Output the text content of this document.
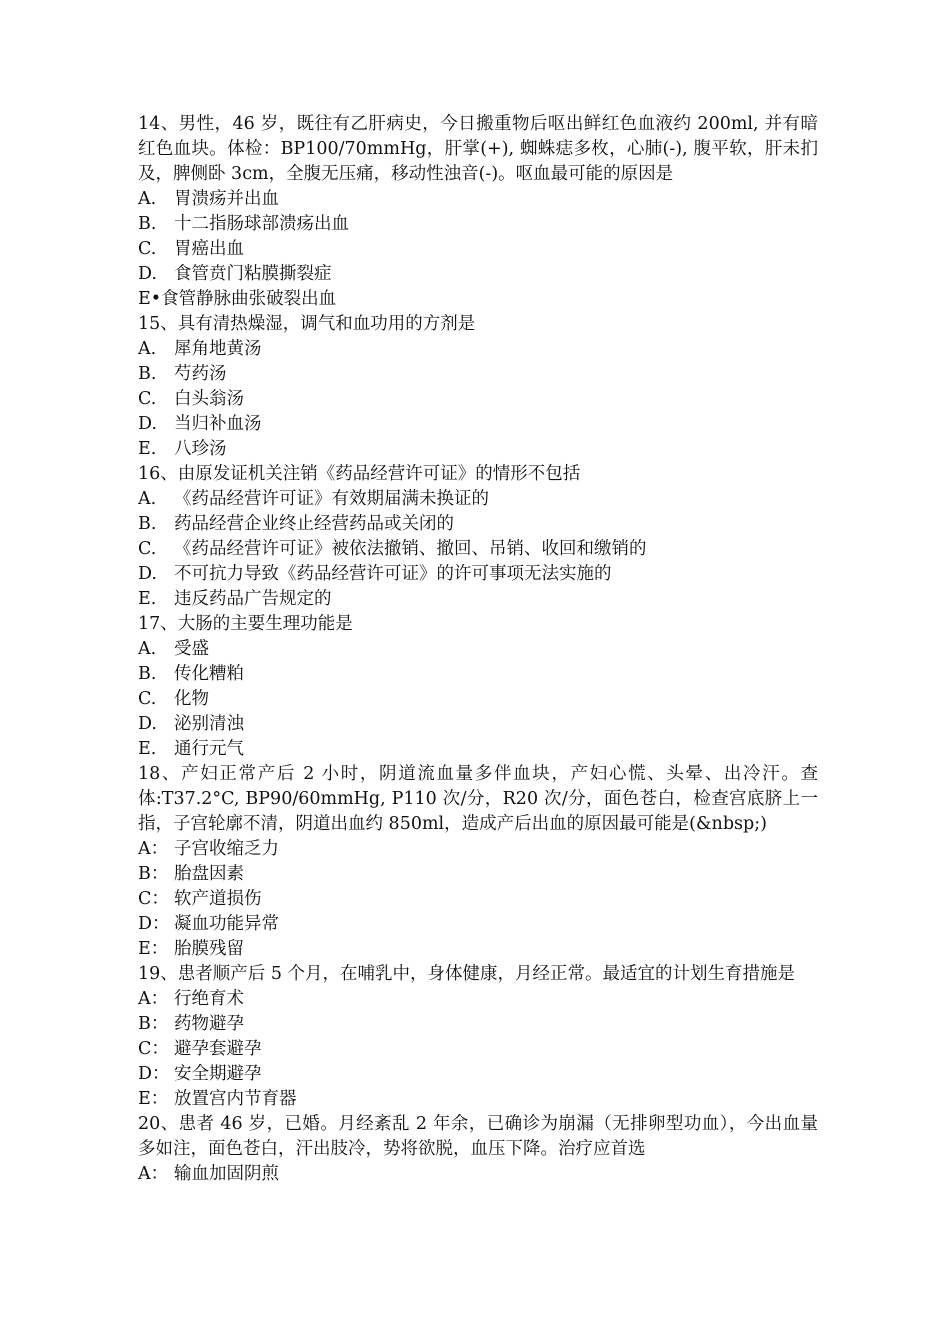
14、男性，46 岁，既往有乙肝病史，今日搬重物后呕出鲜红色血液约 200ml, 并有暗红色血块。体检：BP100/70mmHg，肝掌(+), 蜘蛛痣多枚，心肺(-), 腹平软，肝未扪及，脾侧卧 3cm，全腹无压痛，移动性浊音(-)。呕血最可能的原因是
A. 胃溃疡并出血
B. 十二指肠球部溃疡出血
C. 胃癌出血
D. 食管贲门粘膜撕裂症
E•食管静脉曲张破裂出血
15、具有清热燥湿，调气和血功用的方剂是
A. 犀角地黄汤
B. 芍药汤
C. 白头翁汤
D. 当归补血汤
E. 八珍汤
16、由原发证机关注销《药品经营许可证》的情形不包括
A. 《药品经营许可证》有效期届满未换证的
B. 药品经营企业终止经营药品或关闭的
C. 《药品经营许可证》被依法撤销、撤回、吊销、收回和缴销的
D. 不可抗力导致《药品经营许可证》的许可事项无法实施的
E. 违反药品广告规定的
17、大肠的主要生理功能是
A. 受盛
B. 传化糟粕
C. 化物
D. 泌别清浊
E. 通行元气
18、产妇正常产后 2 小时，阴道流血量多伴血块，产妇心慌、头晕、出冷汗。查体:T37.2°C, BP90/60mmHg, P110 次/分，R20 次/分，面色苍白，检查宫底脐上一指，子宫轮廓不清，阴道出血约 850ml，造成产后出血的原因最可能是(&nbsp;)
A： 子宫收缩乏力
B： 胎盘因素
C： 软产道损伤
D： 凝血功能异常
E： 胎膜残留
19、患者顺产后 5 个月，在哺乳中，身体健康，月经正常。最适宜的计划生育措施是
A： 行绝育术
B： 药物避孕
C： 避孕套避孕
D： 安全期避孕
E： 放置宫内节育器
20、患者 46 岁，已婚。月经紊乱 2 年余，已确诊为崩漏（无排卵型功血），今出血量多如注，面色苍白，汗出肢冷，势将欲脱，血压下降。治疗应首选
A： 输血加固阴煎
